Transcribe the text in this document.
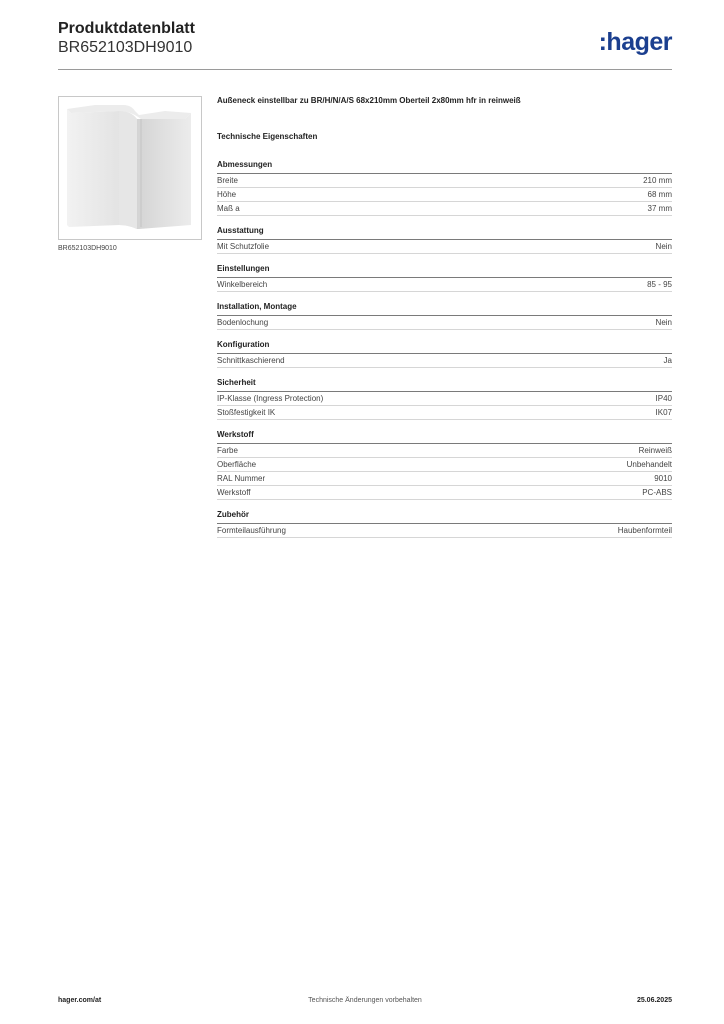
Produktdatenblatt
BR652103DH9010	:hager
BR652103DH9010
Außeneck einstellbar zu BR/H/N/A/S 68x210mm Oberteil 2x80mm hfr in reinweiß
Technische Eigenschaften
Abmessungen
Breite	210 mm
Höhe	68 mm
Maß a	37 mm
Ausstattung
Mit Schutzfolie	Nein
Einstellungen
Winkelbereich	85 - 95
Installation, Montage
Bodenlochung	Nein
Konfiguration
Schnittkaschierend	Ja
Sicherheit
IP-Klasse (Ingress Protection)	IP40
Stoßfestigkeit IK	IK07
Werkstoff
Farbe	Reinweiß
Oberfläche	Unbehandelt
RAL Nummer	9010
Werkstoff	PC-ABS
Zubehör
Formteilausführung	Haubenformteil
hager.com/at	Technische Änderungen vorbehalten	25.06.2025
